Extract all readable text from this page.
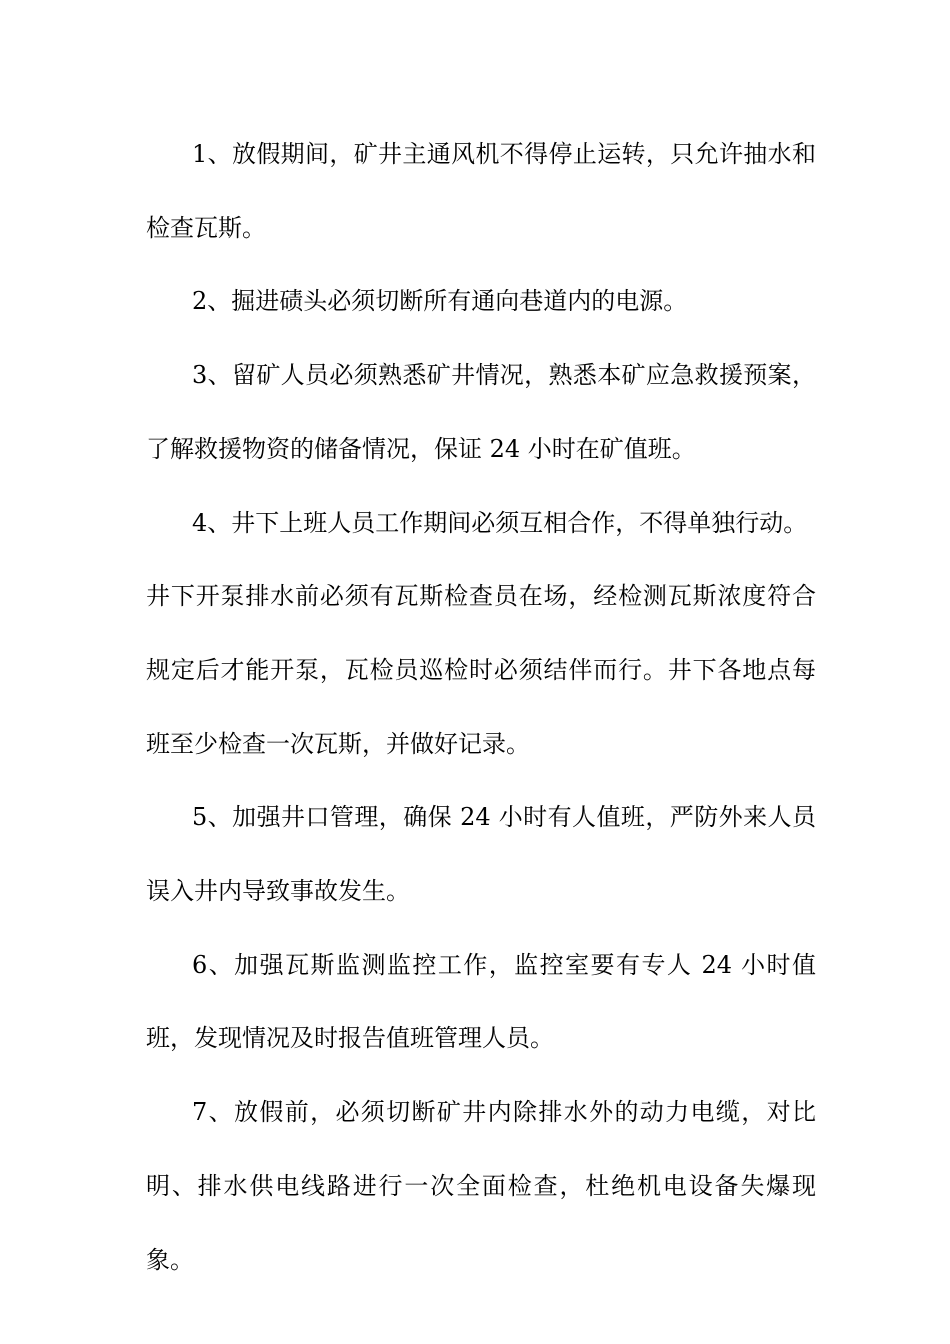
1、放假期间，矿井主通风机不得停止运转，只允许抽水和检查瓦斯。

2、掘进碛头必须切断所有通向巷道内的电源。

3、留矿人员必须熟悉矿井情况，熟悉本矿应急救援预案，了解救援物资的储备情况，保证 24 小时在矿值班。

4、井下上班人员工作期间必须互相合作，不得单独行动。

井下开泵排水前必须有瓦斯检查员在场，经检测瓦斯浓度符合规定后才能开泵，瓦检员巡检时必须结伴而行。井下各地点每班至少检查一次瓦斯，并做好记录。

5、加强井口管理，确保 24 小时有人值班，严防外来人员误入井内导致事故发生。

6、加强瓦斯监测监控工作，监控室要有专人 24 小时值班，发现情况及时报告值班管理人员。

7、放假前，必须切断矿井内除排水外的动力电缆，对比明、排水供电线路进行一次全面检查，杜绝机电设备失爆现象。
